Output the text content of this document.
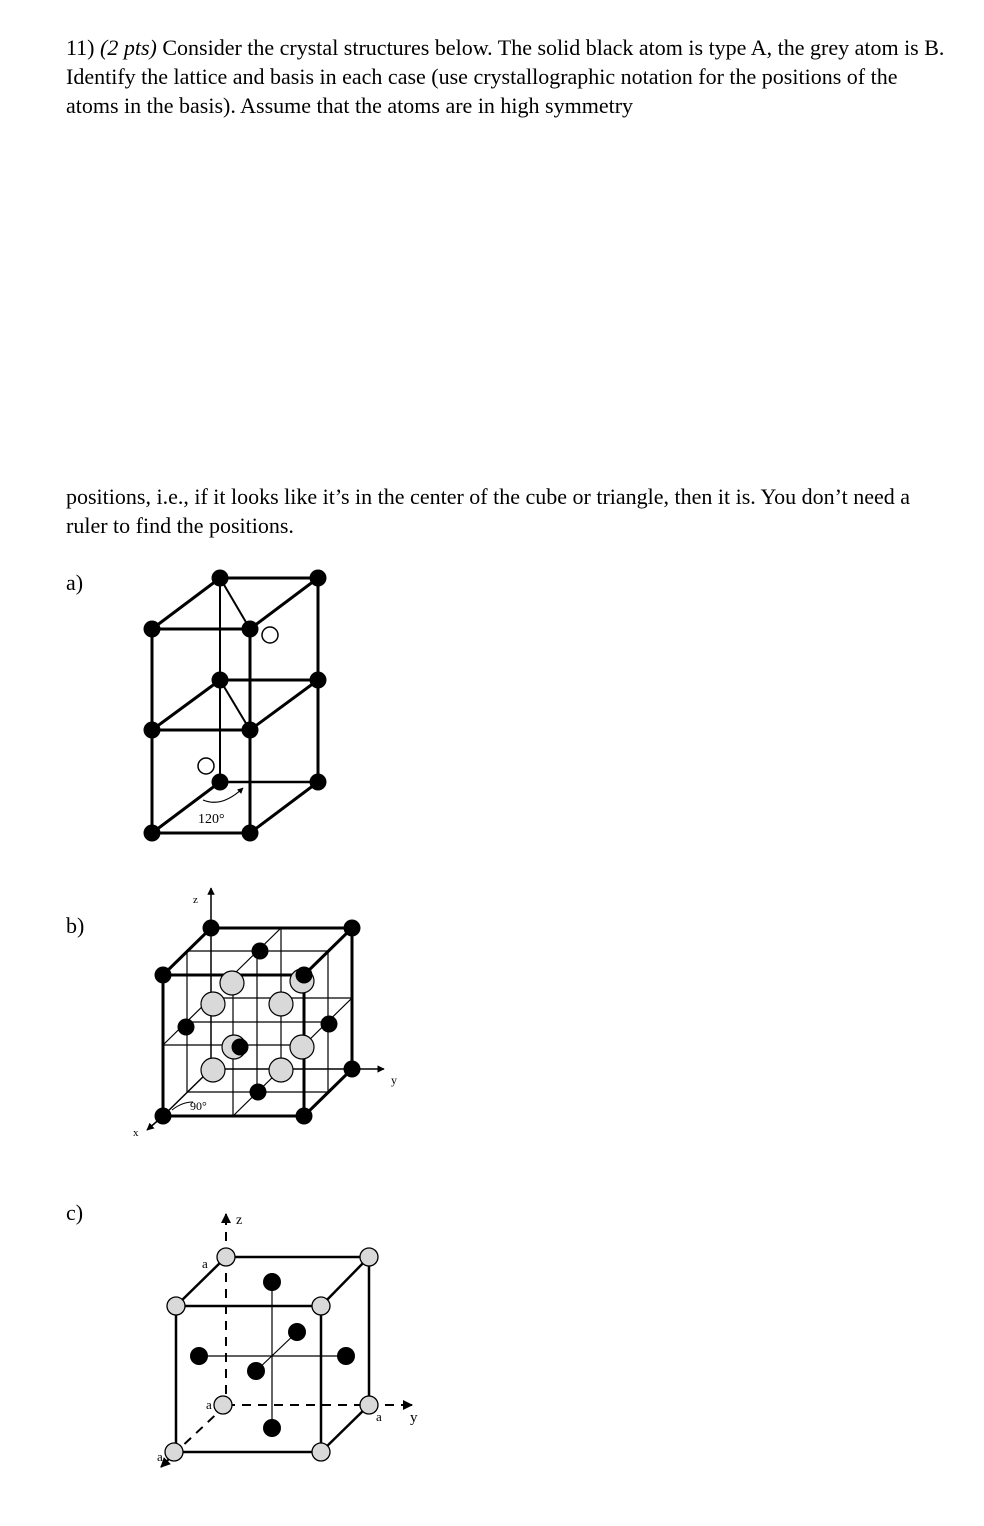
11) (2 pts) Consider the crystal structures below. The solid black atom is type A, the grey atom is B. Identify the lattice and basis in each case (use crystallographic notation for the positions of the atoms in the basis). Assume that the atoms are in high symmetry

positions, i.e., if it looks like it’s in the center of the cube or triangle, then it is. You don’t need a ruler to find the positions.

a)
b)
c)
120°
z
y
x
90°
z
y
a
a
a
a
